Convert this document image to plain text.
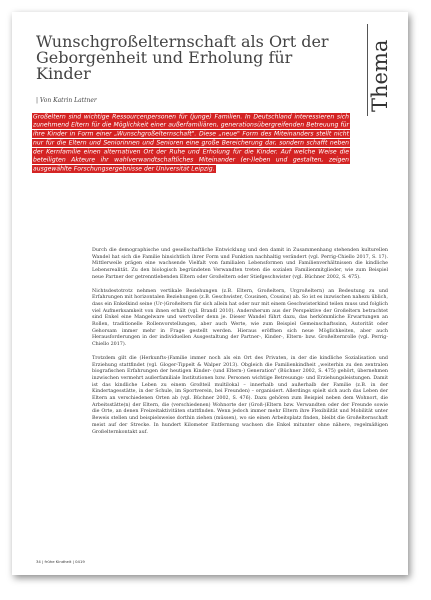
Wunschgroßelternschaft als Ort der Geborgenheit und Erholung für Kinder

| Von Katrin Lattner	Thema

Großeltern sind wichtige Ressourcenpersonen für (junge) Familien. In Deutschland interessieren sich zunehmend Eltern für die Möglichkeit einer außerfamiliären, generationsübergreifenden Betreuung für ihre Kinder in Form einer „Wunschgroßelternschaft". Diese „neue" Form des Miteinanders stellt nicht nur für die Eltern und Seniorinnen und Senioren eine große Bereicherung dar, sondern schafft neben der Kernfamilie einen alternativen Ort der Ruhe und Erholung für die Kinder. Auf welche Weise die beteiligten Akteure ihr wahlverwandtschaftliches Miteinander (er-)leben und gestalten, zeigen ausgewählte Forschungsergebnisse der Universität Leipzig.

Durch die demographische und gesellschaftliche Entwicklung und den damit in Zusammenhang stehenden kulturellen Wandel hat sich die Familie hinsichtlich ihrer Form und Funktion nachhaltig verändert (vgl. Perrig-Chiello 2017, S. 17). Mittlerweile prägen eine wachsende Vielfalt von familialen Lebensformen und Familienverhältnissen die kindliche Lebensrealität. Zu den biologisch begründeten Verwandten treten die sozialen Familienmitglieder, wie zum Beispiel neue Partner der getrenntlebenden Eltern oder Großeltern oder Stiefgeschwister (vgl. Büchner 2002, S. 475).

Nichtsdestotrotz nehmen vertikale Beziehungen (z.B. Eltern, Großeltern, Urgroßeltern) an Bedeutung zu und Erfahrungen mit horizontalen Beziehungen (z.B. Geschwister, Cousinen, Cousins) ab. So ist es inzwischen nahezu üblich, dass ein Enkelkind seine (Ur-)Großeltern für sich allein hat oder nur mit einem Geschwisterkind teilen muss und folglich viel Aufmerksamkeit von ihnen erhält (vgl. Brandl 2010). Andersherum aus der Perspektive der Großeltern betrachtet sind Enkel eine Mangelware und wertvoller denn je. Dieser Wandel führt dazu, das herkömmliche Erwartungen an Rollen, traditionelle Rollenvorstellungen, aber auch Werte, wie zum Beispiel Gemeinschaftssinn, Autorität oder Gehorsam immer mehr in Frage gestellt werden. Hieraus eröffnen sich neue Möglichkeiten, aber auch Herausforderungen in der individuellen Ausgestaltung der Partner-, Kinder-, Eltern- bzw. Großelternrolle (vgl. Perrig-Chiello 2017).

Trotzdem gilt die (Herkunfts-)Familie immer noch als ein Ort des Privaten, in der die kindliche Sozialisation und Erziehung stattfindet (vgl. Gloger-Tippelt & Walper 2013). Obgleich die Familienkindheit „weiterhin zu den zentralen biografischen Erfahrungen der heutigen Kinder- (und Eltern-) Generation" (Büchner 2002, S. 475) gehört, übernehmen inzwischen vermehrt außerfamiliale Institutionen bzw. Personen wichtige Betreuungs- und Erziehungsleistungen. Damit ist das kindliche Leben zu einem Großteil multilokal – innerhalb und außerhalb der Familie (z.B. in der Kindertagesstätte, in der Schule, im Sportverein, bei Freunden) – organisiert. Allerdings spielt sich auch das Leben der Eltern an verschiedenen Orten ab (vgl. Büchner 2002, S. 476). Dazu gehören zum Beispiel neben dem Wohnort, die Arbeitsstätte(n) der Eltern, die (verschiedenen) Wohnorte der (Groß-)Eltern bzw. Verwandten oder der Freunde sowie die Orte, an denen Freizeitaktivitäten stattfinden. Wenn jedoch immer mehr Eltern ihre Flexibilität und Mobilität unter Beweis stellen und beispielsweise dorthin ziehen (müssen), wo sie einen Arbeitsplatz finden, bleibt die Großelternschaft meist auf der Strecke. In hundert Kilometer Entfernung wachsen die Enkel mitunter ohne nähere, regelmäßigen Großelternkontakt auf.

34 | frühe Kindheit | 0419
